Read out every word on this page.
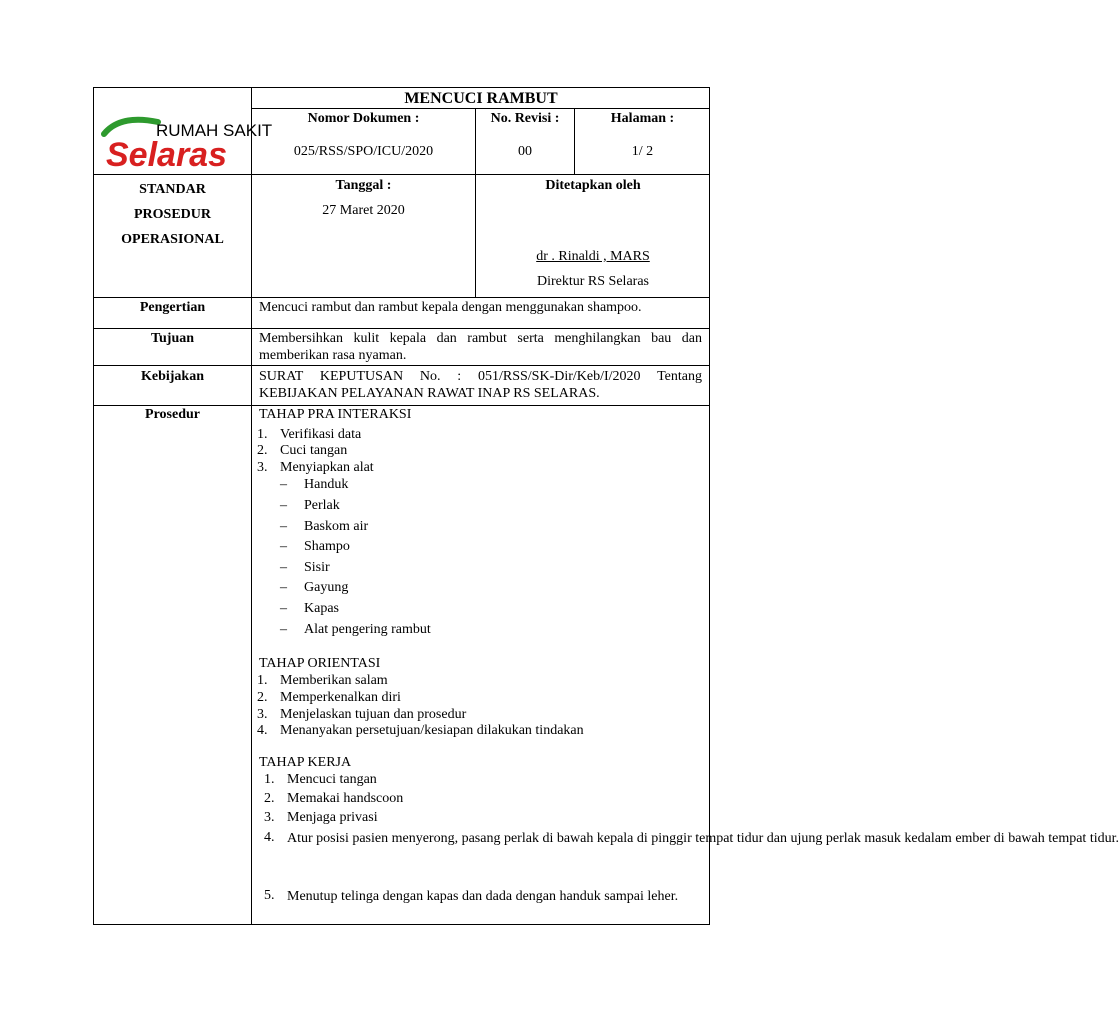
RUMAH SAKIT
Selaras
MENCUCI RAMBUT
Nomor Dokumen :
025/RSS/SPO/ICU/2020
No. Revisi :
00
Halaman :
1/ 2
STANDAR
PROSEDUR
OPERASIONAL
Tanggal :
27 Maret 2020
Ditetapkan oleh
dr . Rinaldi , MARS
Direktur RS Selaras
Pengertian	Mencuci rambut dan rambut kepala dengan menggunakan shampoo.
Tujuan	Membersihkan kulit kepala dan rambut serta menghilangkan bau dan memberikan rasa nyaman.
Kebijakan	SURAT KEPUTUSAN No. : 051/RSS/SK-Dir/Keb/I/2020 Tentang KEBIJAKAN PELAYANAN RAWAT INAP RS SELARAS.
Prosedur	TAHAP PRA INTERAKSI
1. Verifikasi data
2. Cuci tangan
3. Menyiapkan alat
– Handuk
– Perlak
– Baskom air
– Shampo
– Sisir
– Gayung
– Kapas
– Alat pengering rambut
TAHAP ORIENTASI
1. Memberikan salam
2. Memperkenalkan diri
3. Menjelaskan tujuan dan prosedur
4. Menanyakan persetujuan/kesiapan dilakukan tindakan
TAHAP KERJA
1. Mencuci tangan
2. Memakai handscoon
3. Menjaga privasi
4. Atur posisi pasien menyerong, pasang perlak di bawah kepala di pinggir tempat tidur dan ujung perlak masuk kedalam ember di bawah tempat tidur.
5. Menutup telinga dengan kapas dan dada dengan handuk sampai leher.
